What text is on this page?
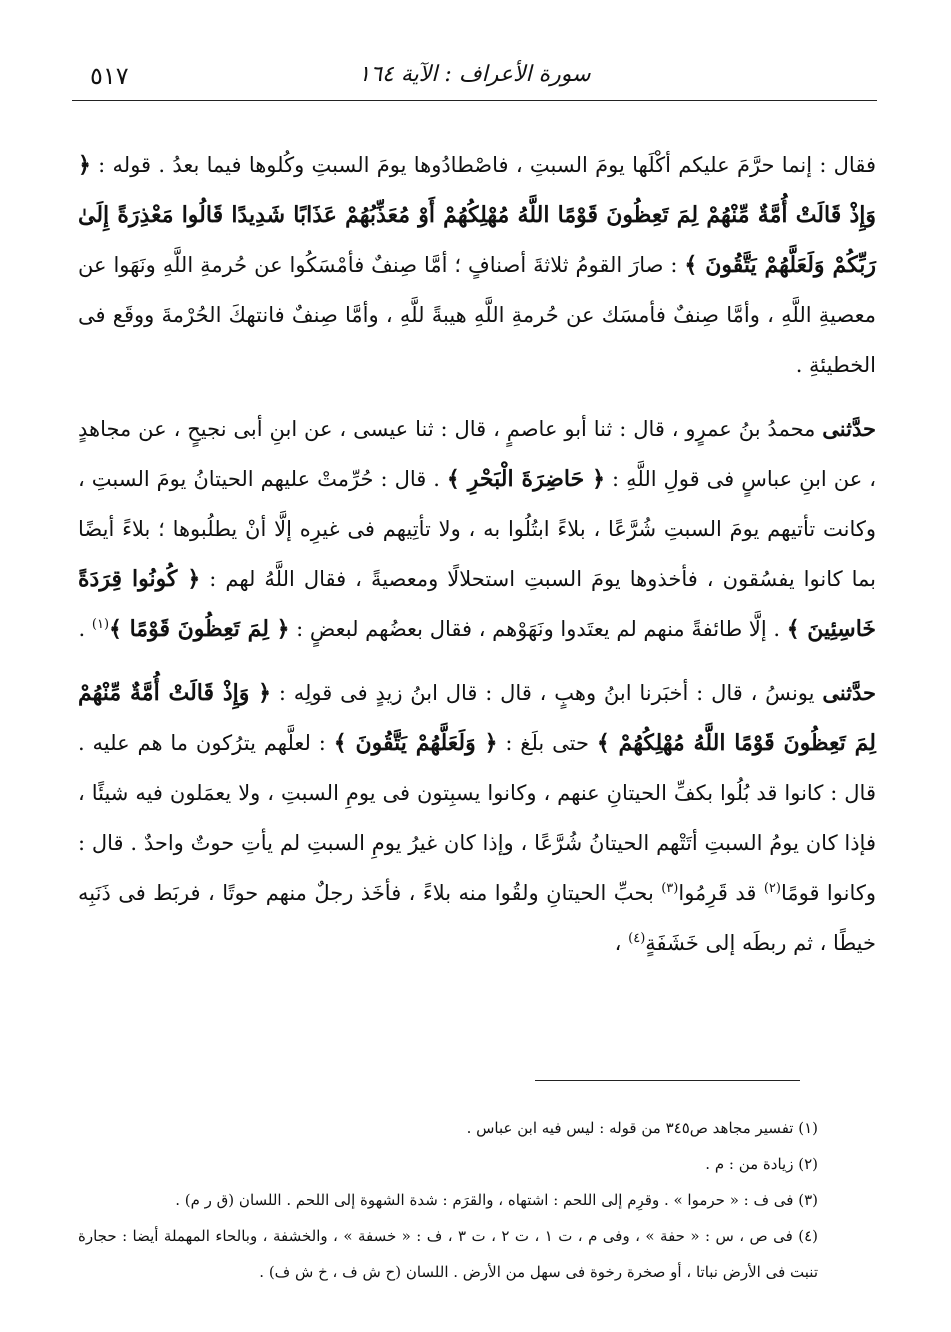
٥١٧	سورة الأعراف : الآية ١٦٤

فقال : إنما حرَّمَ عليكم أكْلَها يومَ السبتِ ، فاصْطادُوها يومَ السبتِ وكُلوها فيما بعدُ . قوله : ﴿ وَإِذْ قَالَتْ أُمَّةٌ مِّنْهُمْ لِمَ تَعِظُونَ قَوْمًا اللَّهُ مُهْلِكُهُمْ أَوْ مُعَذِّبُهُمْ عَذَابًا شَدِيدًا قَالُوا مَعْذِرَةً إِلَىٰ رَبِّكُمْ وَلَعَلَّهُمْ يَتَّقُونَ ﴾ : صارَ القومُ ثلاثةَ أصنافٍ ؛ أمَّا صِنفٌ فأمْسَكُوا عن حُرمةِ اللَّهِ ونَهَوا عن معصيةِ اللَّهِ ، وأمَّا صِنفٌ فأمسَك عن حُرمةِ اللَّهِ هيبةً للَّهِ ، وأمَّا صِنفٌ فانتهكَ الحُرْمةَ ووقَع فى الخطيئةِ .

حدَّثنى محمدُ بنُ عمرٍو ، قال : ثنا أبو عاصمٍ ، قال : ثنا عيسى ، عن ابنِ أبى نجيحٍ ، عن مجاهدٍ ، عن ابنِ عباسٍ فى قولِ اللَّهِ : ﴿ حَاضِرَةَ الْبَحْرِ ﴾ . قال : حُرِّمتْ عليهم الحيتانُ يومَ السبتِ ، وكانت تأتيهم يومَ السبتِ شُرَّعًا ، بلاءً ابتُلُوا به ، ولا تأتِيهم فى غيرِه إلَّا أنْ يطلُبوها ؛ بلاءً أيضًا بما كانوا يفسُقون ، فأخذوها يومَ السبتِ استحلالًا ومعصيةً ، فقال اللَّهُ لهم : ﴿ كُونُوا قِرَدَةً خَاسِئِينَ ﴾ . إلَّا طائفةً منهم لم يعتَدوا ونَهَوْهم ، فقال بعضُهم لبعضٍ : ﴿ لِمَ تَعِظُونَ قَوْمًا ﴾$^{(١)}$ .

حدَّثنى يونسُ ، قال : أخبَرنا ابنُ وهبٍ ، قال : قال ابنُ زيدٍ فى قولِه : ﴿ وَإِذْ قَالَتْ أُمَّةٌ مِّنْهُمْ لِمَ تَعِظُونَ قَوْمًا اللَّهُ مُهْلِكُهُمْ ﴾ حتى بلَغ : ﴿ وَلَعَلَّهُمْ يَتَّقُونَ ﴾ : لعلَّهم يترُكون ما هم عليه . قال : كانوا قد بُلُوا بكفِّ الحيتانِ عنهم ، وكانوا يسبِتون فى يومِ السبتِ ، ولا يعمَلون فيه شيئًا ، فإذا كان يومُ السبتِ أتَتْهم الحيتانُ شُرَّعًا ، وإذا كان غيرُ يومِ السبتِ لم يأتِ حوتٌ واحدٌ . قال : وكانوا قومًا$^{(٢)}$ قد قَرِمُوا$^{(٣)}$ بحبِّ الحيتانِ ولقُوا منه بلاءً ، فأخَذ رجلٌ منهم حوتًا ، فربَط فى ذَنَبِه خيطًا ، ثم ربطَه إلى خَشَفَةٍ$^{(٤)}$ ،

(١) تفسير مجاهد ص٣٤٥ من قوله : ليس فيه ابن عباس .

(٢) زيادة من : م .

(٣) فى ف : « حرموا » . وقرِم إلى اللحم : اشتهاه ، والقرَم : شدة الشهوة إلى اللحم . اللسان (ق ر م) .

(٤) فى ص ، س : « حفة » ، وفى م ، ت ١ ، ت ٢ ، ت ٣ ، ف : « خسفة » ، والخشفة ، وبالحاء المهملة أيضا : حجارة تنبت فى الأرض نباتا ، أو صخرة رخوة فى سهل من الأرض . اللسان (ح ش ف ، خ ش ف) .
